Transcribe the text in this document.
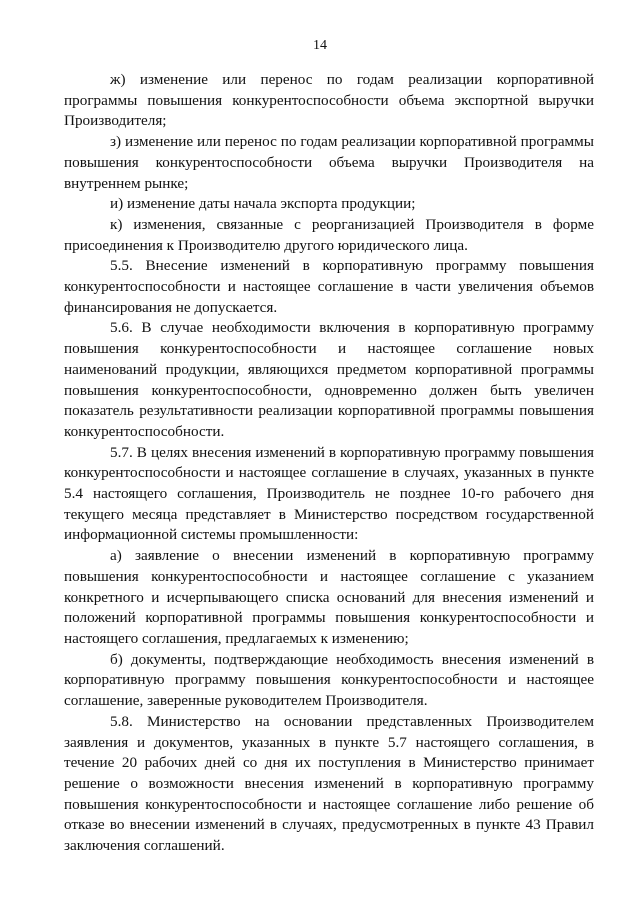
14

ж) изменение или перенос по годам реализации корпоративной программы повышения конкурентоспособности объема экспортной выручки Производителя;

з) изменение или перенос по годам реализации корпоративной программы повышения конкурентоспособности объема выручки Производителя на внутреннем рынке;

и) изменение даты начала экспорта продукции;

к) изменения, связанные с реорганизацией Производителя в форме присоединения к Производителю другого юридического лица.

5.5. Внесение изменений в корпоративную программу повышения конкурентоспособности и настоящее соглашение в части увеличения объемов финансирования не допускается.

5.6. В случае необходимости включения в корпоративную программу повышения конкурентоспособности и настоящее соглашение новых наименований продукции, являющихся предметом корпоративной программы повышения конкурентоспособности, одновременно должен быть увеличен показатель результативности реализации корпоративной программы повышения конкурентоспособности.

5.7. В целях внесения изменений в корпоративную программу повышения конкурентоспособности и настоящее соглашение в случаях, указанных в пункте 5.4 настоящего соглашения, Производитель не позднее 10-го рабочего дня текущего месяца представляет в Министерство посредством государственной информационной системы промышленности:

а) заявление о внесении изменений в корпоративную программу повышения конкурентоспособности и настоящее соглашение с указанием конкретного и исчерпывающего списка оснований для внесения изменений и положений корпоративной программы повышения конкурентоспособности и настоящего соглашения, предлагаемых к изменению;

б) документы, подтверждающие необходимость внесения изменений в корпоративную программу повышения конкурентоспособности и настоящее соглашение, заверенные руководителем Производителя.

5.8. Министерство на основании представленных Производителем заявления и документов, указанных в пункте 5.7 настоящего соглашения, в течение 20 рабочих дней со дня их поступления в Министерство принимает решение о возможности внесения изменений в корпоративную программу повышения конкурентоспособности и настоящее соглашение либо решение об отказе во внесении изменений в случаях, предусмотренных в пункте 43 Правил заключения соглашений.
